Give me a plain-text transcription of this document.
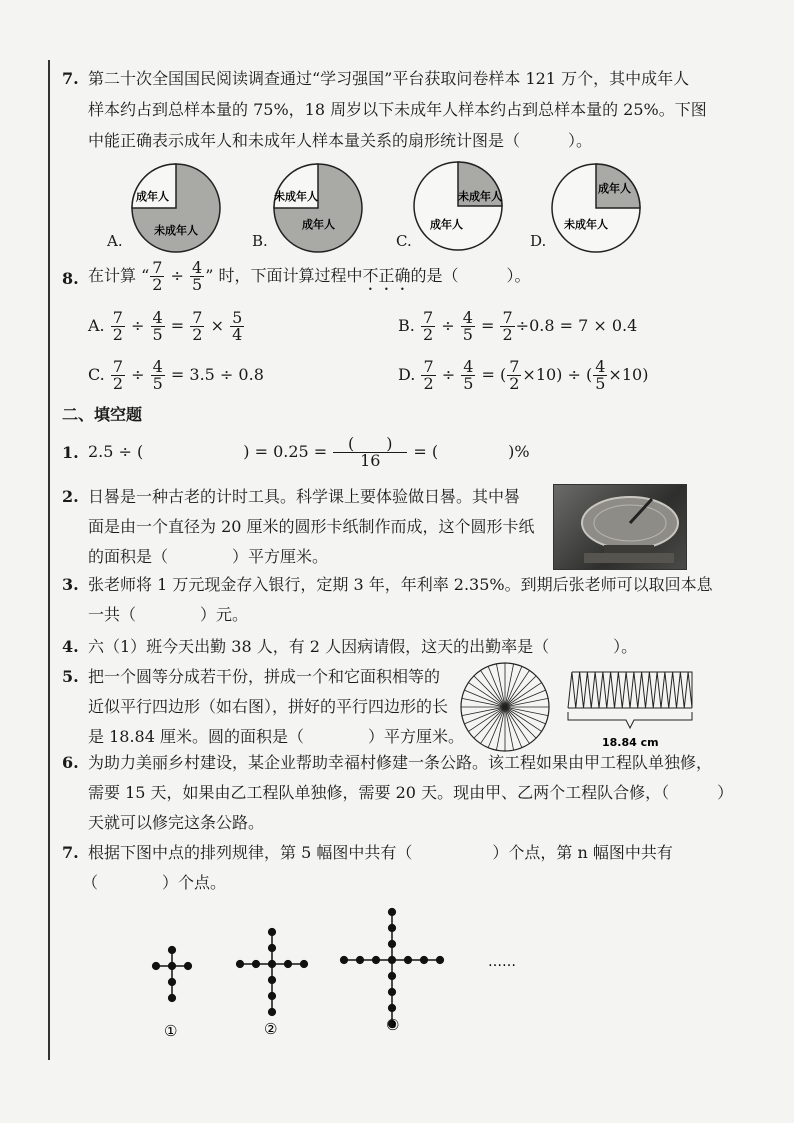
7. 第二十次全国国民阅读调查通过“学习强国”平台获取问卷样本 121 万个，其中成年人
样本约占到总样本量的 75%，18 周岁以下未成年人样本约占到总样本量的 25%。下图
中能正确表示成年人和未成年人样本量关系的扇形统计图是（　　　）。
A.
成年人
未成年人
B.
未成年人
成年人
C.
未成年人
成年人
D.
成年人
未成年人
8. 在计算 “ $\frac{7}{2} \div \frac{4}{5}$ ” 时，下面计算过程中不正确的是（　　　）。
A. $\frac{7}{2} \div \frac{4}{5} = \frac{7}{2} \times \frac{5}{4}$	B. $\frac{7}{2} \div \frac{4}{5} = \frac{7}{2} \div 0.8 = 7 \times 0.4$
C. $\frac{7}{2} \div \frac{4}{5} = 3.5 \div 0.8$	D. $\frac{7}{2} \div \frac{4}{5}$ = ( $\frac{7}{2} \times 10$) ÷ ( $\frac{4}{5} \times 10$)
二、填空题
1. 2.5 ÷ (	) = $0.25 = \frac{( )}{16}$ = (	)%
2. 日晷是一种古老的计时工具。科学课上要体验做日晷。其中晷
面是由一个直径为 20 厘米的圆形卡纸制作而成，这个圆形卡纸
的面积是（　　　　）平方厘米。
3. 张老师将 1 万元现金存入银行，定期 3 年，年利率 2.35%。到期后张老师可以取回本息
一共（　　　　）元。
4. 六（1）班今天出勤 38 人，有 2 人因病请假，这天的出勤率是（　　　　）。
5. 把一个圆等分成若干份，拼成一个和它面积相等的
近似平行四边形（如右图），拼好的平行四边形的长
是 18.84 厘米。圆的面积是（　　　　）平方厘米。	18.84 cm
6. 为助力美丽乡村建设，某企业帮助幸福村修建一条公路。该工程如果由甲工程队单独修，
需要 15 天，如果由乙工程队单独修，需要 20 天。现由甲、乙两个工程队合修，（　　　）
天就可以修完这条公路。
7. 根据下图中点的排列规律，第 5 幅图中共有（　　　　　）个点，第 n 幅图中共有
（　　　　）个点。
……
①	②	③
